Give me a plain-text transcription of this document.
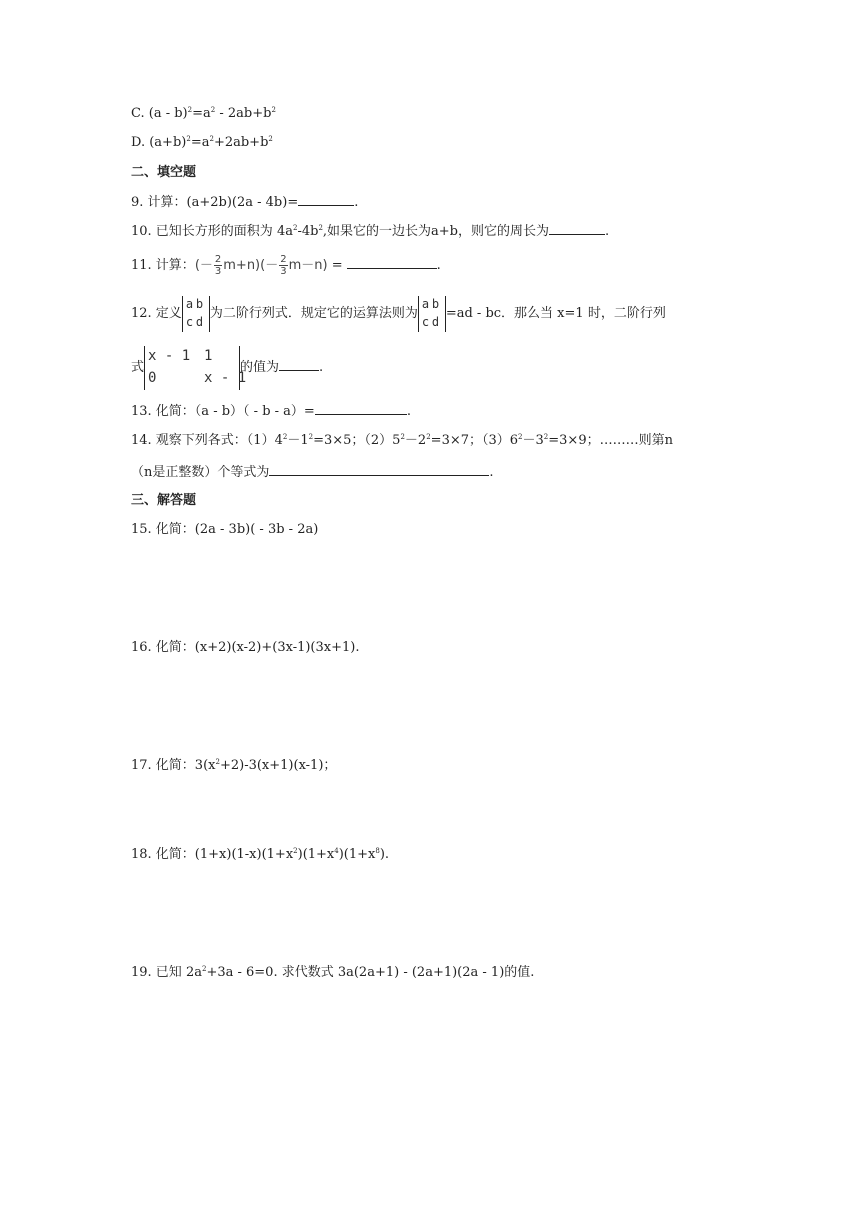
C. $(a - b)^2=a^2 - 2ab+b^2$
D. $(a+b)^2=a^2+2ab+b^2$
二、填空题
9. 计算：(a+2b)(2a - 4b)=	.
10. 已知长方形的面积为 $4a^2-4b^2$,如果它的一边长为a+b，则它的周长为	.
11. 计算：(－ $\frac{2}{3} m+n)(- \frac{2}{3} m-n)$ =	.
12. 定义
a b
c d
为二阶行列式．规定它的运算法则为
a b
c d
=ad - bc．那么当 x=1 时，二阶行列
式
x - 1 1
0	x - 1
的值为	.
13. 化简：（a - b）（ - b - a）=	.
14. 观察下列各式：$(1)4^2-1^2=3\times 5$；$(2)5^2-2^2=3\times 7$；$(3)6^2-3^2=3\times 9$；………则第n
（n是正整数）个等式为	.
三、解答题
15. 化简：(2a - 3b)( - 3b - 2a)
16. 化简：(x+2)(x-2)+(3x-1)(3x+1).
17. 化简：$3(x^2+2)-3(x+1)(x-1)$；
18. 化简：$(1+x)(1-x)(1+x^2)(1+x^4)(1+x^8)$.
19. 已知 $2a^2+3a - 6=0$. 求代数式 3a(2a+1) - (2a+1)(2a - 1)的值.
